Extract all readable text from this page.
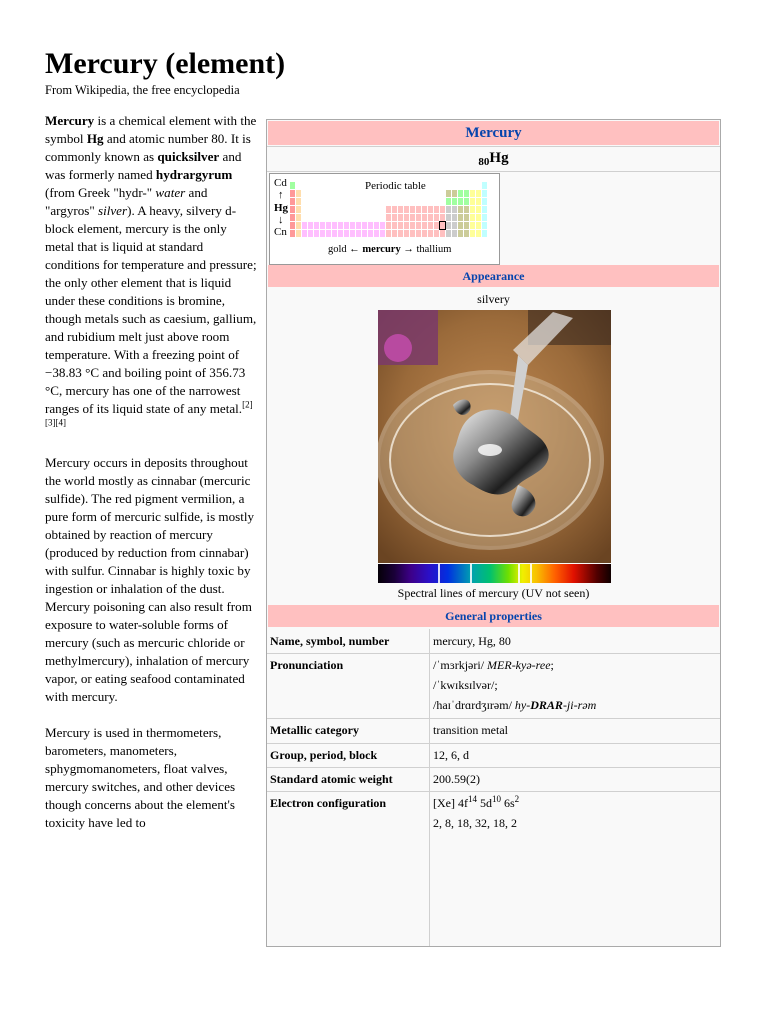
Mercury (element)
From Wikipedia, the free encyclopedia

Mercury is a chemical element with the symbol Hg and atomic number 80. It is commonly known as quicksilver and was formerly named hydrargyrum (from Greek "hydr-" water and "argyros" silver). A heavy, silvery d-block element, mercury is the only metal that is liquid at standard conditions for temperature and pressure; the only other element that is liquid under these conditions is bromine, though metals such as caesium, gallium, and rubidium melt just above room temperature. With a freezing point of −38.83 °C and boiling point of 356.73 °C, mercury has one of the narrowest ranges of its liquid state of any metal.[2][3][4]

Mercury occurs in deposits throughout the world mostly as cinnabar (mercuric sulfide). The red pigment vermilion, a pure form of mercuric sulfide, is mostly obtained by reaction of mercury (produced by reduction from cinnabar) with sulfur. Cinnabar is highly toxic by ingestion or inhalation of the dust. Mercury poisoning can also result from exposure to water-soluble forms of mercury (such as mercuric chloride or methylmercury), inhalation of mercury vapor, or eating seafood contaminated with mercury.

Mercury is used in thermometers, barometers, manometers, sphygmomanometers, float valves, mercury switches, and other devices though concerns about the element's toxicity have led to

Mercury
$_{80}$Hg
Cd
↑
Hg
↓
Cn
Periodic table
gold ← mercury → thallium
Appearance
silvery
Spectral lines of mercury (UV not seen)
General properties
Name, symbol, number	mercury, Hg, 80
Pronunciation	/ˈmɜrkjəri/ MER-kyə-ree;
/ˈkwɪksɪlvər/;
/haɪˈdrɑrdʒɪrəm/ hy-DRAR-ji-rəm
Metallic category	transition metal
Group, period, block	12, 6, d
Standard atomic weight	200.59(2)
Electron configuration	[Xe] $4f^{14}$ $5d^{10}$ $6s^2$
2, 8, 18, 32, 18, 2
